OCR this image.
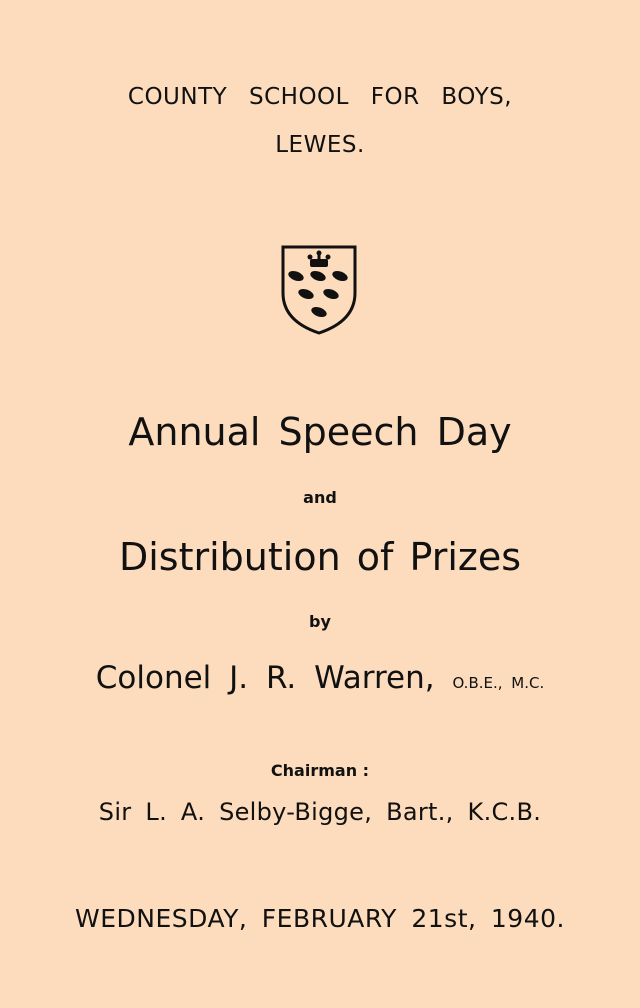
COUNTY SCHOOL FOR BOYS,
LEWES.
Annual Speech Day
and
Distribution of Prizes
by
Colonel J. R. Warren, O.B.E., M.C.
Chairman :
Sir L. A. Selby-Bigge, Bart., K.C.B.
WEDNESDAY, FEBRUARY 21st, 1940.
